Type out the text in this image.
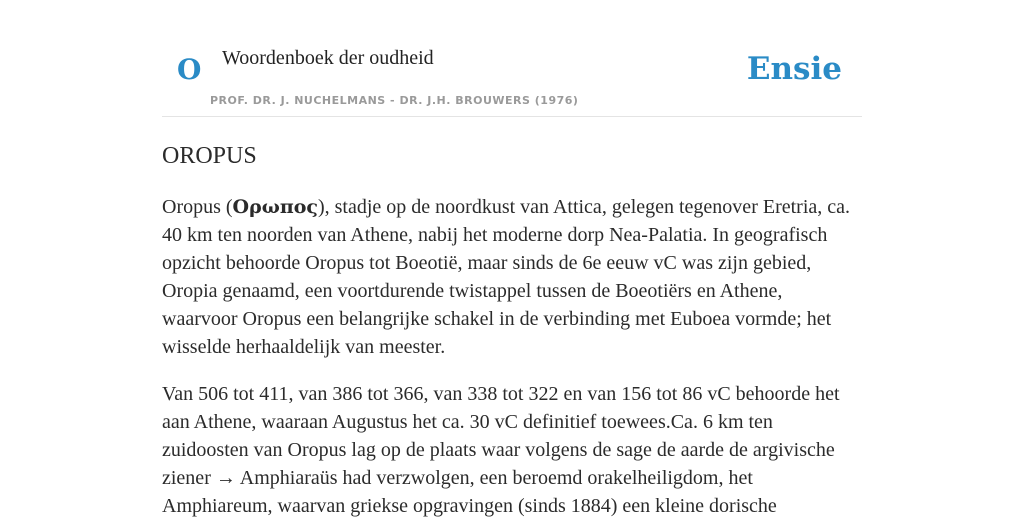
O Woordenboek der oudheid
PROF. DR. J. NUCHELMANS - DR. J.H. BROUWERS (1976)
Ensie
OROPUS

Oropus (Ορωπος), stadje op de noordkust van Attica, gelegen tegenover Eretria, ca. 40 km ten noorden van Athene, nabij het moderne dorp Nea-Palatia. In geografisch opzicht behoorde Oropus tot Boeotië, maar sinds de 6e eeuw vC was zijn gebied, Oropia genaamd, een voortdurende twistappel tussen de Boeotiërs en Athene, waarvoor Oropus een belangrijke schakel in de verbinding met Euboea vormde; het wisselde herhaaldelijk van meester.

Van 506 tot 411, van 386 tot 366, van 338 tot 322 en van 156 tot 86 vC behoorde het aan Athene, waaraan Augustus het ca. 30 vC definitief toewees.Ca. 6 km ten zuidoosten van Oropus lag op de plaats waar volgens de sage de aarde de argivische ziener → Amphiaraüs had verzwolgen, een beroemd orakelheiligdom, het Amphiareum, waarvan griekse opgravingen (sinds 1884) een kleine dorische
